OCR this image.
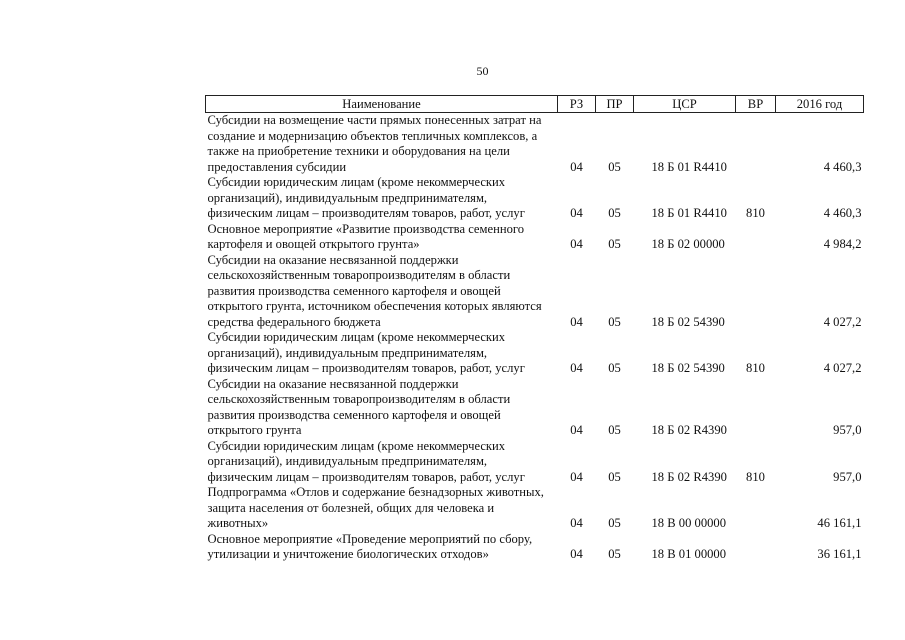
50
Наименование	РЗ	ПР	ЦСР	ВР	2016 год

Субсидии на возмещение части прямых понесенных затрат на
создание и модернизацию объектов тепличных комплексов, а
также на приобретение техники и оборудования на цели
предоставления субсидии	04	05	18 Б 01 R4410		4 460,3

Субсидии юридическим лицам (кроме некоммерческих
организаций), индивидуальным предпринимателям,
физическим лицам – производителям товаров, работ, услуг	04	05	18 Б 01 R4410	810	4 460,3

Основное мероприятие «Развитие производства семенного
картофеля и овощей открытого грунта»	04	05	18 Б 02 00000		4 984,2

Субсидии на оказание несвязанной поддержки
сельскохозяйственным товаропроизводителям в области
развития производства семенного картофеля и овощей
открытого грунта, источником обеспечения которых являются
средства федерального бюджета	04	05	18 Б 02 54390		4 027,2

Субсидии юридическим лицам (кроме некоммерческих
организаций), индивидуальным предпринимателям,
физическим лицам – производителям товаров, работ, услуг	04	05	18 Б 02 54390	810	4 027,2

Субсидии на оказание несвязанной поддержки
сельскохозяйственным товаропроизводителям в области
развития производства семенного картофеля и овощей
открытого грунта	04	05	18 Б 02 R4390		957,0

Субсидии юридическим лицам (кроме некоммерческих
организаций), индивидуальным предпринимателям,
физическим лицам – производителям товаров, работ, услуг	04	05	18 Б 02 R4390	810	957,0

Подпрограмма «Отлов и содержание безнадзорных животных,
защита населения от болезней, общих для человека и
животных»	04	05	18 В 00 00000		46 161,1

Основное мероприятие «Проведение мероприятий по сбору,
утилизации и уничтожение биологических отходов»	04	05	18 В 01 00000		36 161,1
